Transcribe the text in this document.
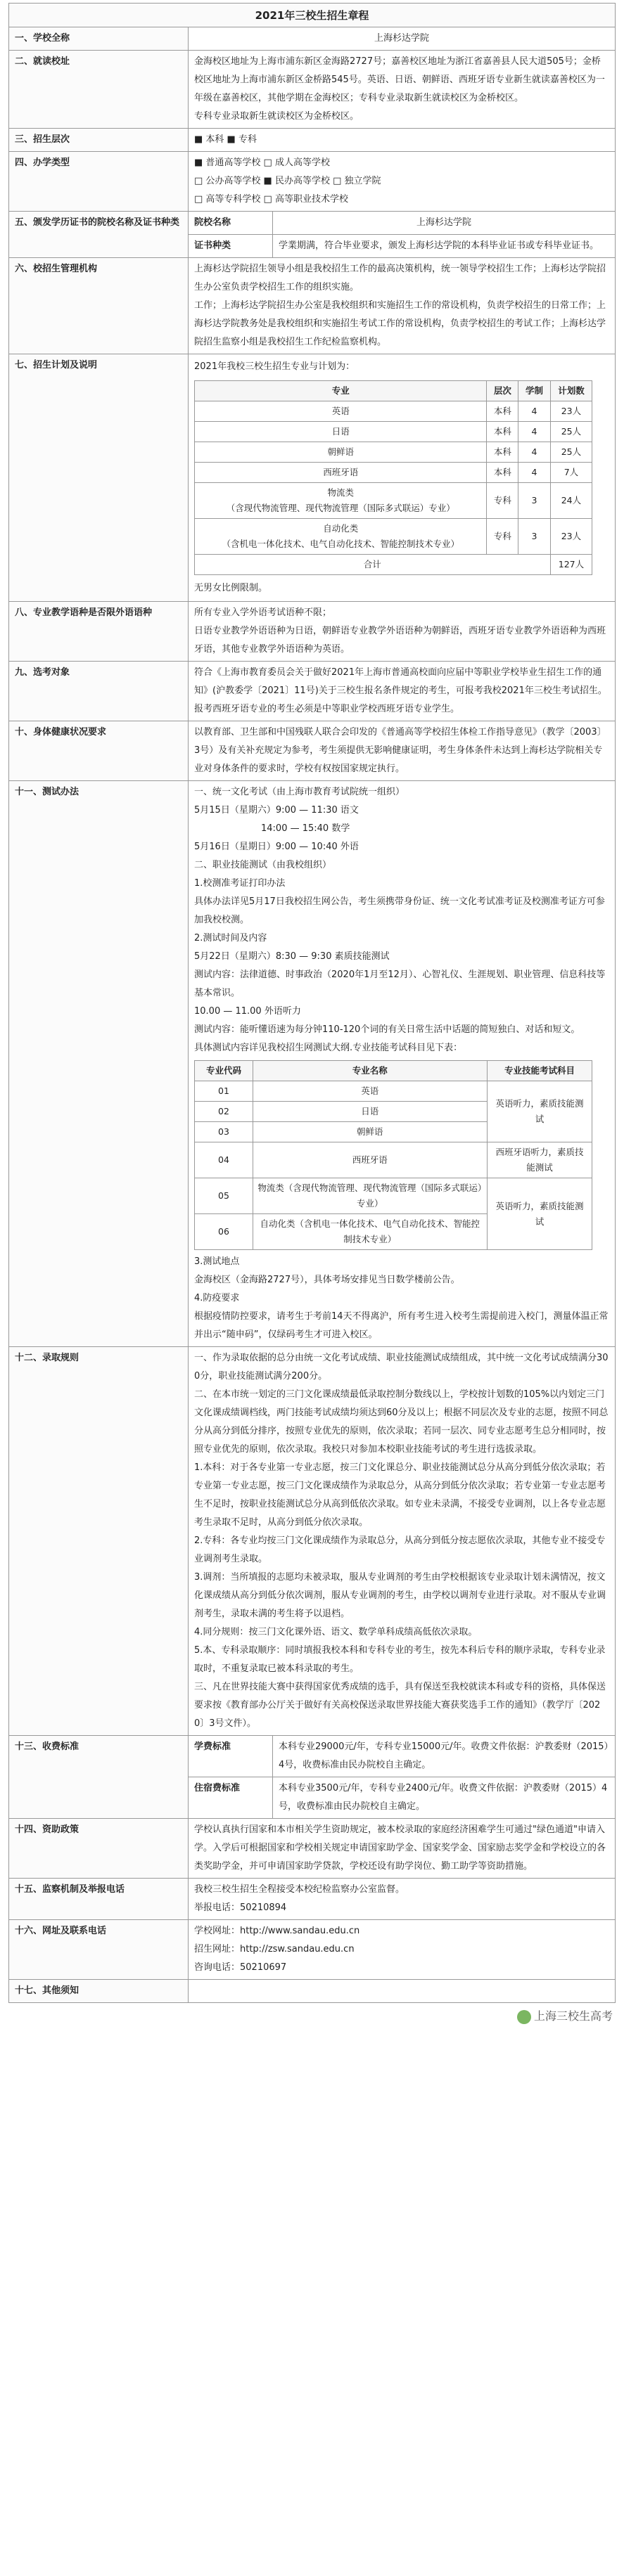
2021年三校生招生章程
一、学校全称	上海杉达学院
二、就读校址	金海校区地址为上海市浦东新区金海路2727号；嘉善校区地址为浙江省嘉善县人民大道505号；金桥校区地址为上海市浦东新区金桥路545号。英语、日语、朝鲜语、西班牙语专业新生就读嘉善校区为一年级在嘉善校区，其他学期在金海校区；专科专业录取新生就读校区为金桥校区。

专科专业录取新生就读校区为金桥校区。

三、招生层次	■ 本科 ■ 专科
四、办学类型	■ 普通高等学校 □ 成人高等学校

□ 公办高等学校 ■ 民办高等学校 □ 独立学院

□ 高等专科学校 □ 高等职业技术学校

五、颁发学历证书的院校名称及证书种类	院校名称	上海杉达学院
证书种类	学業期满，符合毕业要求，颁发上海杉达学院的本科毕业证书或专科毕业证书。
六、校招生管理机构	上海杉达学院招生领导小组是我校招生工作的最高决策机构，统一领导学校招生工作；上海杉达学院招生办公室负责学校招生工作的组织实施。

工作；上海杉达学院招生办公室是我校组织和实施招生工作的常设机构，负责学校招生的日常工作；上海杉达学院教务处是我校组织和实施招生考试工作的常设机构，负责学校招生的考试工作；上海杉达学院招生监察小组是我校招生工作纪检监察机构。

七、招生计划及说明	2021年我校三校生招生专业与计划为：
专业	层次	学制	计划数
英语	本科	4	23人
日语	本科	4	25人
朝鲜语	本科	4	25人
西班牙语	本科	4	7人
物流类
（含现代物流管理、现代物流管理（国际多式联运）专业）	专科	3	24人
自动化类
（含机电一体化技术、电气自动化技术、智能控制技术专业）	专科	3	23人
合计	127人
无男女比例限制。

八、专业教学语种是否限外语语种	所有专业入学外语考试语种不限；

日语专业教学外语语种为日语，朝鲜语专业教学外语语种为朝鲜语，西班牙语专业教学外语语种为西班牙语，其他专业教学外语语种为英语。

九、选考对象	符合《上海市教育委员会关于做好2021年上海市普通高校面向应届中等职业学校毕业生招生工作的通知》(沪教委学〔2021〕11号)关于三校生报名条件规定的考生，可报考我校2021年三校生考试招生。报考西班牙语专业的考生必须是中等职业学校西班牙语专业学生。
十、身体健康状况要求	以教育部、卫生部和中国残联人联合会印发的《普通高等学校招生体检工作指导意见》（教学〔2003〕3号）及有关补充规定为参考，考生须提供无影响健康证明，考生身体条件未达到上海杉达学院相关专业对身体条件的要求时，学校有权按国家规定执行。
十一、测试办法	一、统一文化考试（由上海市教育考试院统一组织）

5月15日（星期六）9:00 — 11:30 语文

14:00 — 15:40 数学

5月16日（星期日）9:00 — 10:40 外语

二、职业技能测试（由我校组织）

1.校测准考证打印办法

具体办法详见5月17日我校招生网公告，考生须携带身份证、统一文化考试准考证及校测准考证方可参加我校校测。

2.测试时间及内容

5月22日（星期六）8:30 — 9:30 素质技能测试

测试内容：法律道德、时事政治（2020年1月至12月）、心智礼仪、生涯规划、职业管理、信息科技等基本常识。

10.00 — 11.00 外语听力

测试内容：能听懂语速为每分钟110-120个词的有关日常生活中话题的简短独白、对话和短文。

具体测试内容详见我校招生网测试大纲.专业技能考试科目见下表：

专业代码	专业名称	专业技能考试科目
01	英语	英语听力，素质技能测试
02	日语
03	朝鲜语
04	西班牙语	西班牙语听力，素质技能测试
05	物流类（含现代物流管理、现代物流管理（国际多式联运）专业）	英语听力，素质技能测试
06	自动化类（含机电一体化技术、电气自动化技术、智能控制技术专业）

3.测试地点

金海校区（金海路2727号），具体考场安排见当日数学楼前公告。

4.防疫要求

根据疫情防控要求，请考生于考前14天不得离沪，所有考生进入校考生需提前进入校门，测量体温正常并出示“随申码”，仅绿码考生才可进入校区。

十二、录取规则	一、作为录取依据的总分由统一文化考试成绩、职业技能测试成绩组成，其中统一文化考试成绩满分300分，职业技能测试满分200分。

二、在本市统一划定的三门文化课成绩最低录取控制分数线以上，学校按计划数的105%以内划定三门文化课成绩调档线，两门技能考试成绩均须达到60分及以上；根据不同层次及专业的志愿，按照不同总分从高分到低分排序，按照专业优先的原则，依次录取；若同一层次、同专业志愿考生总分相同时，按照专业优先的原则，依次录取。我校只对参加本校职业技能考试的考生进行选拔录取。

1.本科：对于各专业第一专业志愿，按三门文化课总分、职业技能测试总分从高分到低分依次录取；若专业第一专业志愿，按三门文化课成绩作为录取总分，从高分到低分依次录取；若专业第一专业志愿考生不足时，按职业技能测试总分从高到低依次录取。如专业未录满，不接受专业调剂，以上各专业志愿考生录取不足时，从高分到低分依次录取。

2.专科：各专业均按三门文化课成绩作为录取总分，从高分到低分按志愿依次录取，其他专业不接受专业调剂考生录取。

3.调剂：当所填报的志愿均未被录取，服从专业调剂的考生由学校根据该专业录取计划未满情况，按文化课成绩从高分到低分依次调剂，服从专业调剂的考生，由学校以调剂专业进行录取。对不服从专业调剂考生，录取未满的考生将予以退档。

4.同分规则：按三门文化课外语、语文、数学单科成绩高低依次录取。

5.本、专科录取顺序：同时填报我校本科和专科专业的考生，按先本科后专科的顺序录取，专科专业录取时，不重复录取已被本科录取的考生。

三、凡在世界技能大赛中获得国家优秀成绩的选手，具有保送至我校就读本科或专科的资格，具体保送要求按《教育部办公厅关于做好有关高校保送录取世界技能大赛获奖选手工作的通知》（教学厅〔2020〕3号文件）。

十三、收费标准	学费标准	本科专业29000元/年，专科专业15000元/年。收费文件依据：沪教委财（2015）4号，收费标准由民办院校自主确定。
住宿费标准	本科专业3500元/年，专科专业2400元/年。收费文件依据：沪教委财（2015）4号，收费标准由民办院校自主确定。
十四、资助政策	学校认真执行国家和本市相关学生资助规定，被本校录取的家庭经济困难学生可通过"绿色通道"申请入学。入学后可根据国家和学校相关规定申请国家助学金、国家奖学金、国家励志奖学金和学校设立的各类奖助学金，并可申请国家助学贷款，学校还设有助学岗位、勤工助学等资助措施。
十五、监察机制及举报电话	我校三校生招生全程接受本校纪检监察办公室监督。

举报电话：50210894

十六、网址及联系电话	学校网址：http://www.sandau.edu.cn

招生网址：http://zsw.sandau.edu.cn

咨询电话：50210697

十七、其他须知	
上海三校生高考
